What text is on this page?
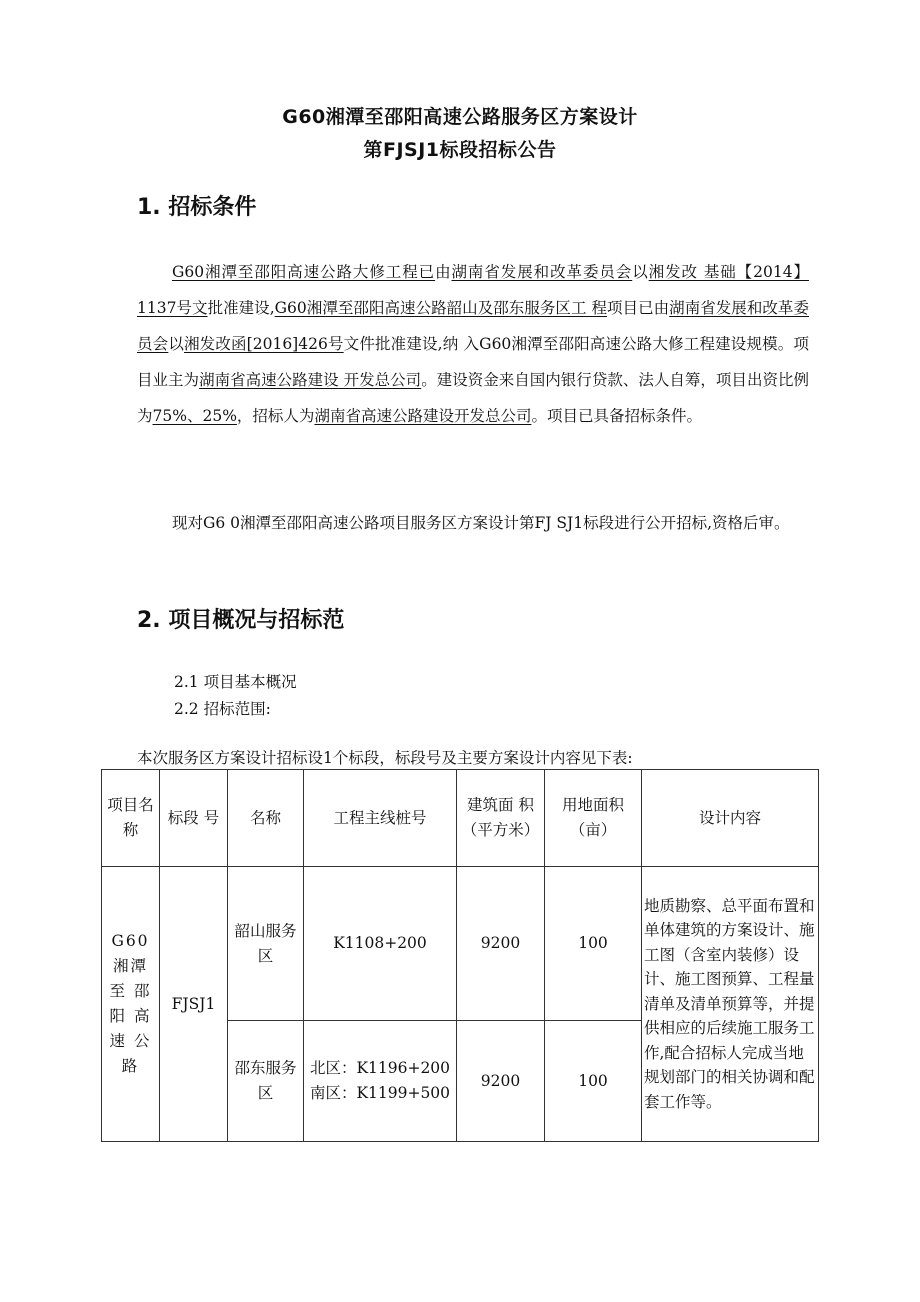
G60湘潭至邵阳高速公路服务区方案设计
第FJSJ1标段招标公告
1. 招标条件
G60湘潭至邵阳高速公路大修工程已由湖南省发展和改革委员会以湘发改 基础【2014】1137号文批准建设,G60湘潭至邵阳高速公路韶山及邵东服务区工 程项目已由湖南省发展和改革委员会以湘发改函[2016]426号文件批准建设,纳 入G60湘潭至邵阳高速公路大修工程建设规模。项目业主为湖南省高速公路建设 开发总公司。建设资金来自国内银行贷款、法人自筹，项目出资比例为75%、25%，招标人为湖南省高速公路建设开发总公司。项目已具备招标条件。
现对G6 0湘潭至邵阳高速公路项目服务区方案设计第FJ SJ1标段进行公开招标,资格后审。
2. 项目概况与招标范
2.1 项目基本概况
2.2 招标范围:
本次服务区方案设计招标设1个标段，标段号及主要方案设计内容见下表:
项目名称	标段 号	名称	工程主线桩号	建筑面 积（平方米）	用地面积（亩）	设计内容
G60 湘潭 至 邵 阳 高 速 公 路	FJSJ1	韶山服务区	K1108+200	9200	100	地质勘察、总平面布置和单体建筑的方案设计、施工图（含室内装修）设计、施工图预算、工程量清单及清单预算等，并提供相应的后续施工服务工作,配合招标人完成当地规划部门的相关协调和配套工作等。
		邵东服务区	北区：K1196+200 南区：K1199+500	9200	100	
